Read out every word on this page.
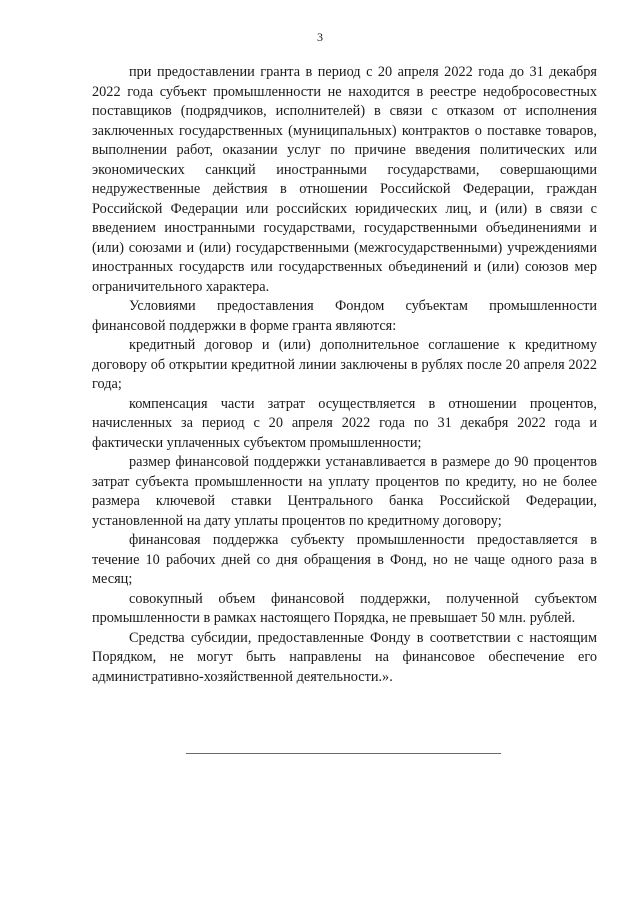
3

при предоставлении гранта в период с 20 апреля 2022 года до 31 декабря 2022 года субъект промышленности не находится в реестре недобросовестных поставщиков (подрядчиков, исполнителей) в связи с отказом от исполнения заключенных государственных (муниципальных) контрактов о поставке товаров, выполнении работ, оказании услуг по причине введения политических или экономических санкций иностранными государствами, совершающими недружественные действия в отношении Российской Федерации, граждан Российской Федерации или российских юридических лиц, и (или) в связи с введением иностранными государствами, государственными объединениями и (или) союзами и (или) государственными (межгосударственными) учреждениями иностранных государств или государственных объединений и (или) союзов мер ограничительного характера.

Условиями предоставления Фондом субъектам промышленности финансовой поддержки в форме гранта являются:

кредитный договор и (или) дополнительное соглашение к кредитному договору об открытии кредитной линии заключены в рублях после 20 апреля 2022 года;

компенсация части затрат осуществляется в отношении процентов, начисленных за период с 20 апреля 2022 года по 31 декабря 2022 года и фактически уплаченных субъектом промышленности;

размер финансовой поддержки устанавливается в размере до 90 процентов затрат субъекта промышленности на уплату процентов по кредиту, но не более размера ключевой ставки Центрального банка Российской Федерации, установленной на дату уплаты процентов по кредитному договору;

финансовая поддержка субъекту промышленности предоставляется в течение 10 рабочих дней со дня обращения в Фонд, но не чаще одного раза в месяц;

совокупный объем финансовой поддержки, полученной субъектом промышленности в рамках настоящего Порядка, не превышает 50 млн. рублей.

Средства субсидии, предоставленные Фонду в соответствии с настоящим Порядком, не могут быть направлены на финансовое обеспечение его административно-хозяйственной деятельности.».
